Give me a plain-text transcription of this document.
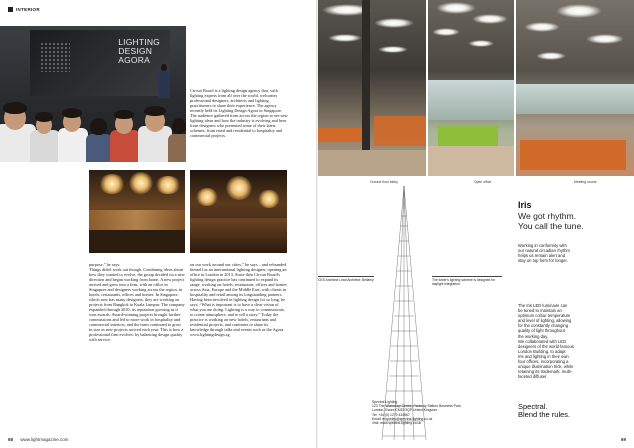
INTERIOR
LIGHTING
DESIGN
AGORA
Circuit Board is a lighting design agency that, with lighting experts from all over the world, welcomes professional designers, architects and lighting practitioners to share their experience. The agency recently held its Lighting Design Agora in Singapore. The audience gathered from across the region to see new lighting ideas and how the industry is evolving and hear from designers who presented some of their latest schemes, from retail and residential to hospitality and commercial projects.
purpose,” he says.
Things didn't work out though. Combining ideas about how they wanted to evolve, the group decided on a new direction and began working from home. A new project arrived and grew into a firm, with an office in Singapore and designers working across the region, in hotels, restaurants, offices and homes. In Singapore, which now has many designers, they are working on projects from Bangkok to Kuala Lumpur. The company expanded through 2010, its reputation growing as it won awards. Award-winning projects brought further commissions and led to more work in hospitality and commercial interiors, and the team continued to grow in size as new projects arrived each year. This is how a professional firm evolves: by balancing design quality with service.
on our work around our cities,” he says – and rebranded himself as an international lighting designer, opening an office in London in 2013. Since then Circuit Board's lighting design practice has continued to expand its range, working on hotels, restaurants, offices and homes across Asia, Europe and the Middle East, with clients in hospitality and retail among its longstanding partners.
Having been involved in lighting design for so long, he says, “What is important is to have a clear vision of what you are doing. Lighting is a way to communicate, to create atmosphere, and to tell a story.” Today the practice is working on new hotels, restaurants and residential projects, and continues to share its knowledge through talks and events such as the Agora.
www.lightingdesign.sg
Ground floor lobby	Open office	Meeting rooms
CES Architect Lead Architect: Bellamy	The tower's lighting scheme is designed for daylight integration
Iris
We got rhythm.
You call the tune.
Working in conformity with
our natural circadian rhythm
helps us remain alert and
stay on top form for longer.
The Iris LED luminaire can
be tuned to maintain an
optimum colour temperature
and level of lighting, allowing
for the constantly changing
quality of light throughout
the working day.
We collaborated with LED
designers of the world famous
London Building, to adapt
Iris and lighting in their own
four offices, incorporating a
unique illumination trick, while
retaining its trademark, multi-
faceted diffuser.
Spectral.
Blend the rules.
Spectral Lighting
123 The Workshop Centre, Parkway Station Business Park,
London, Essex CM19 5QP United Kingdom
Tel: +44 (0) 1279 434567
Email: enquiries@spectral-lighting.co.uk
Visit: www.spectral-lighting.co.uk
68 www.lightmagazine.com	69
